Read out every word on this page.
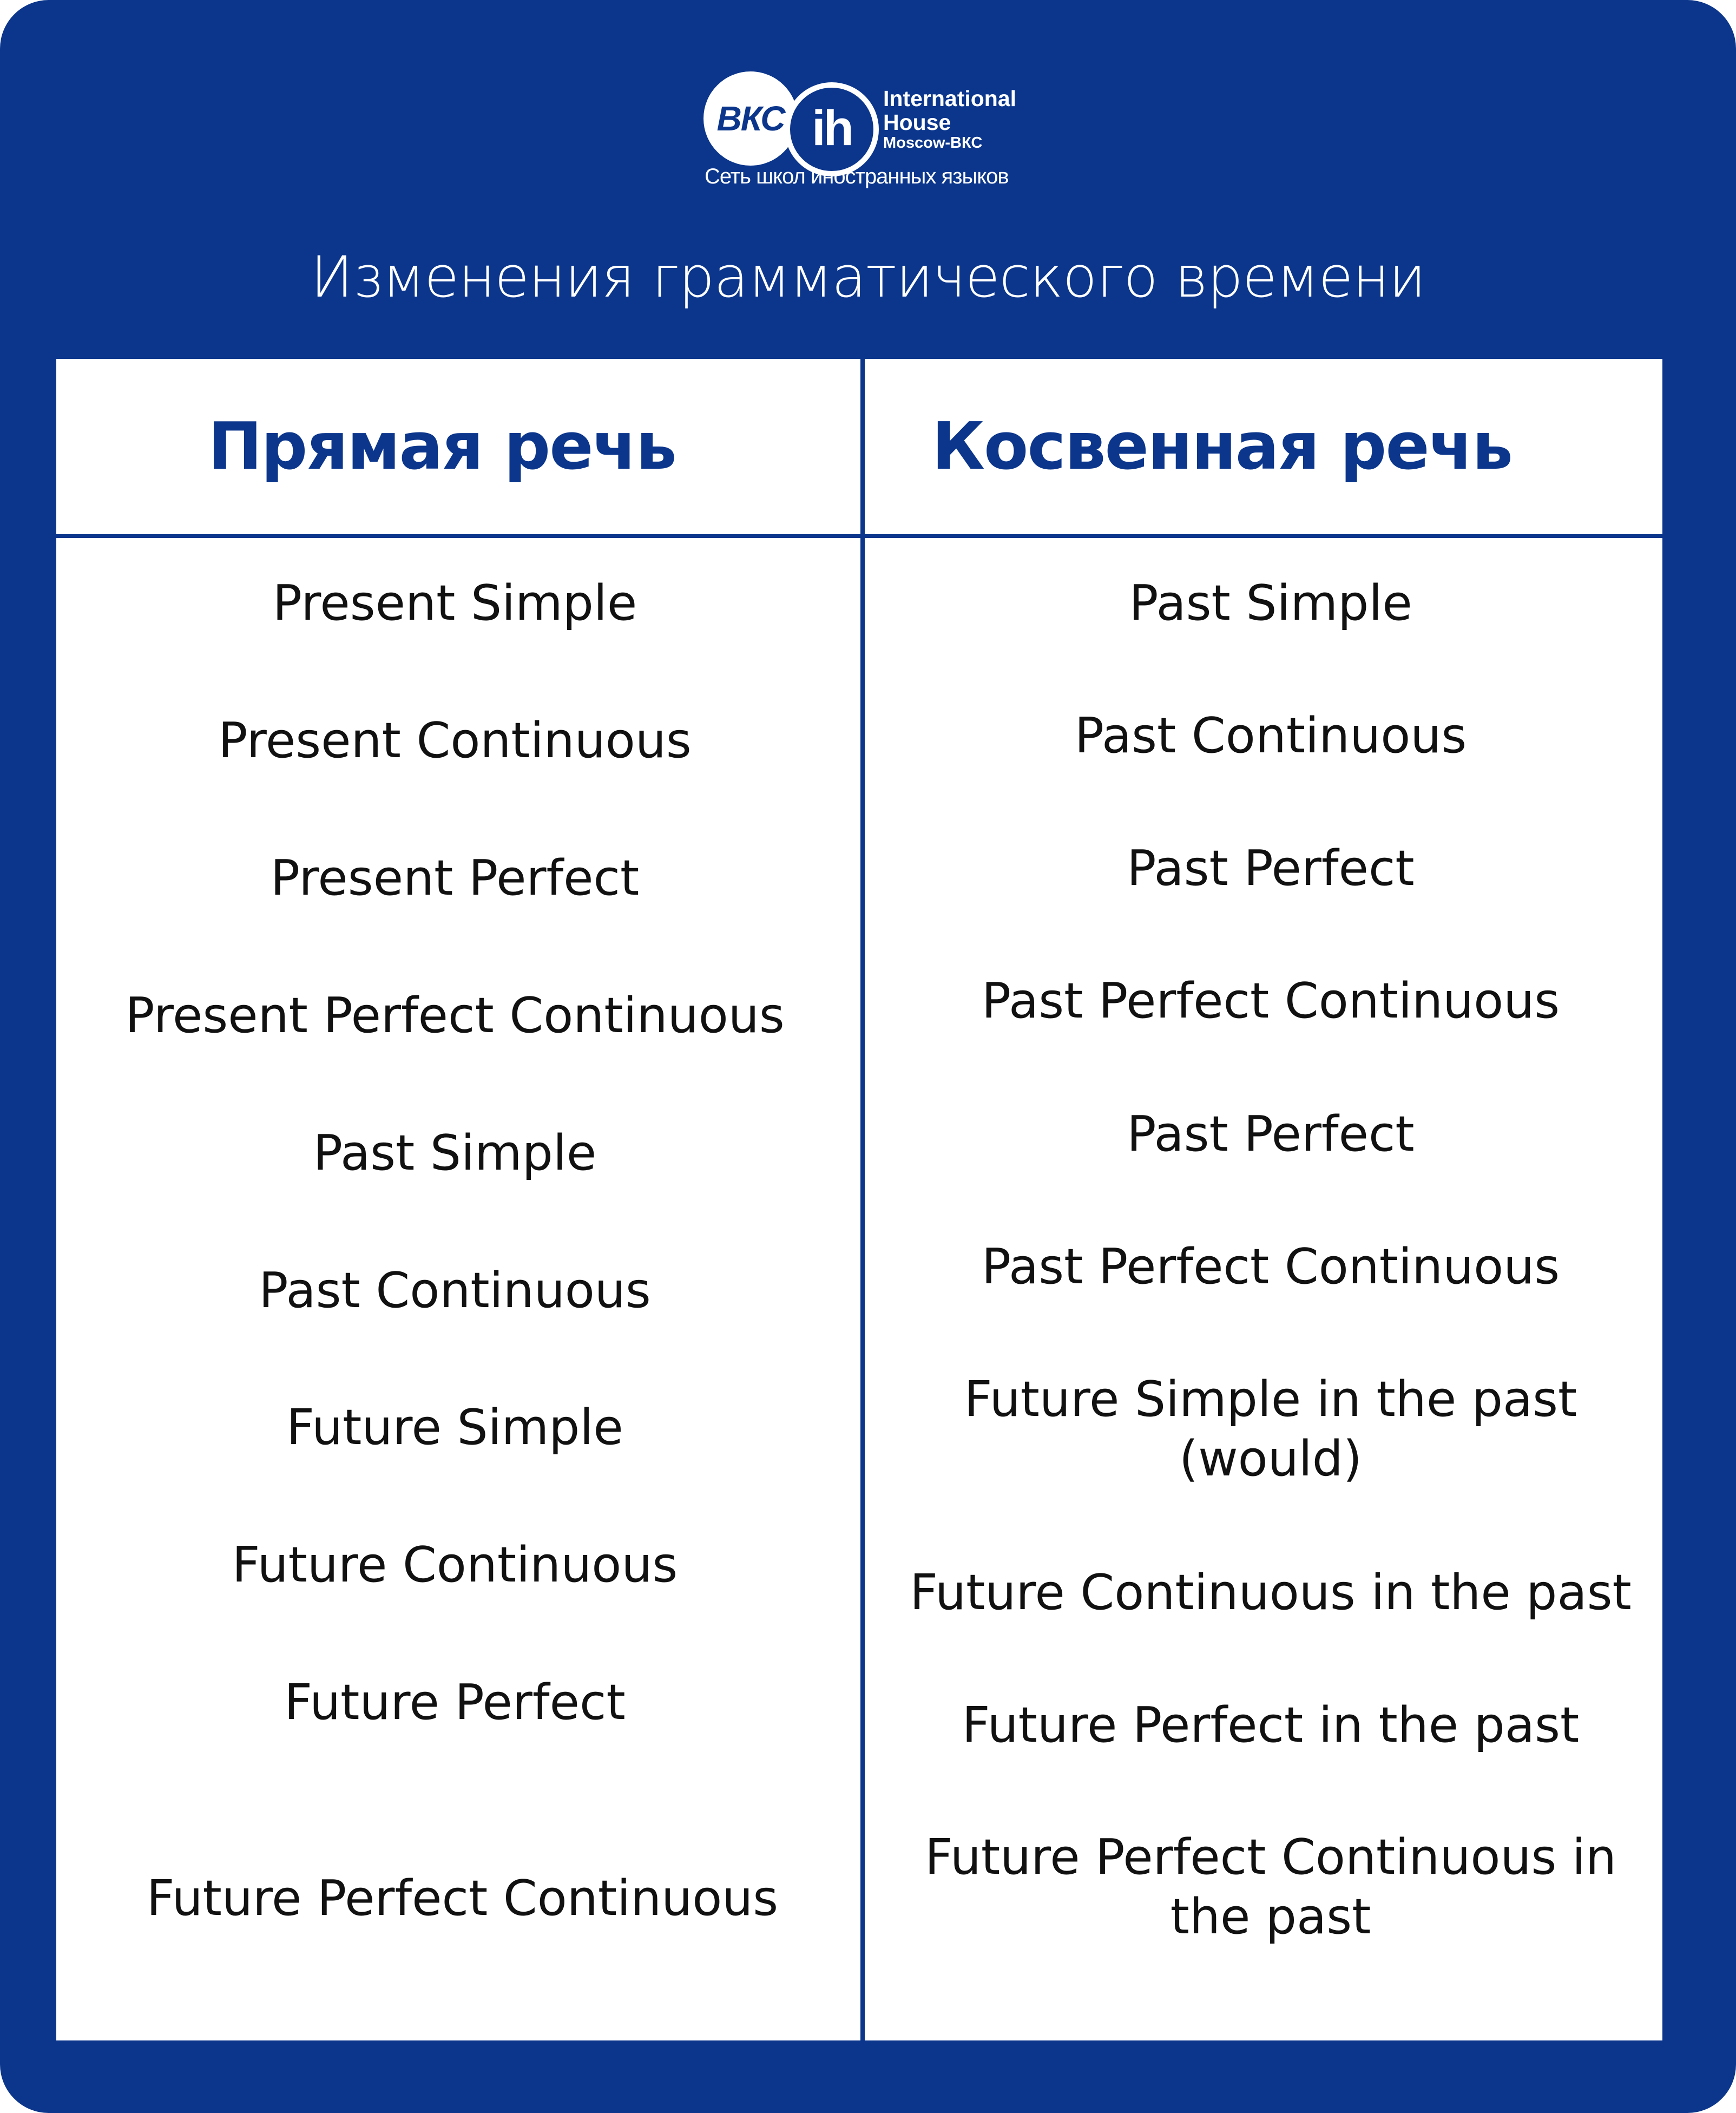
ВКС ih
International
House
Moscow-ВКС
Сеть школ иностранных языков
Изменения грамматического времени
Прямая речь	Косвенная речь
Present Simple
Present Continuous
Present Perfect
Present Perfect Continuous
Past Simple
Past Continuous
Future Simple
Future Continuous
Future Perfect
Future Perfect Continuous
Past Simple
Past Continuous
Past Perfect
Past Perfect Continuous
Past Perfect
Past Perfect Continuous
Future Simple in the past (would)
Future Continuous in the past
Future Perfect in the past
Future Perfect Continuous in the past
